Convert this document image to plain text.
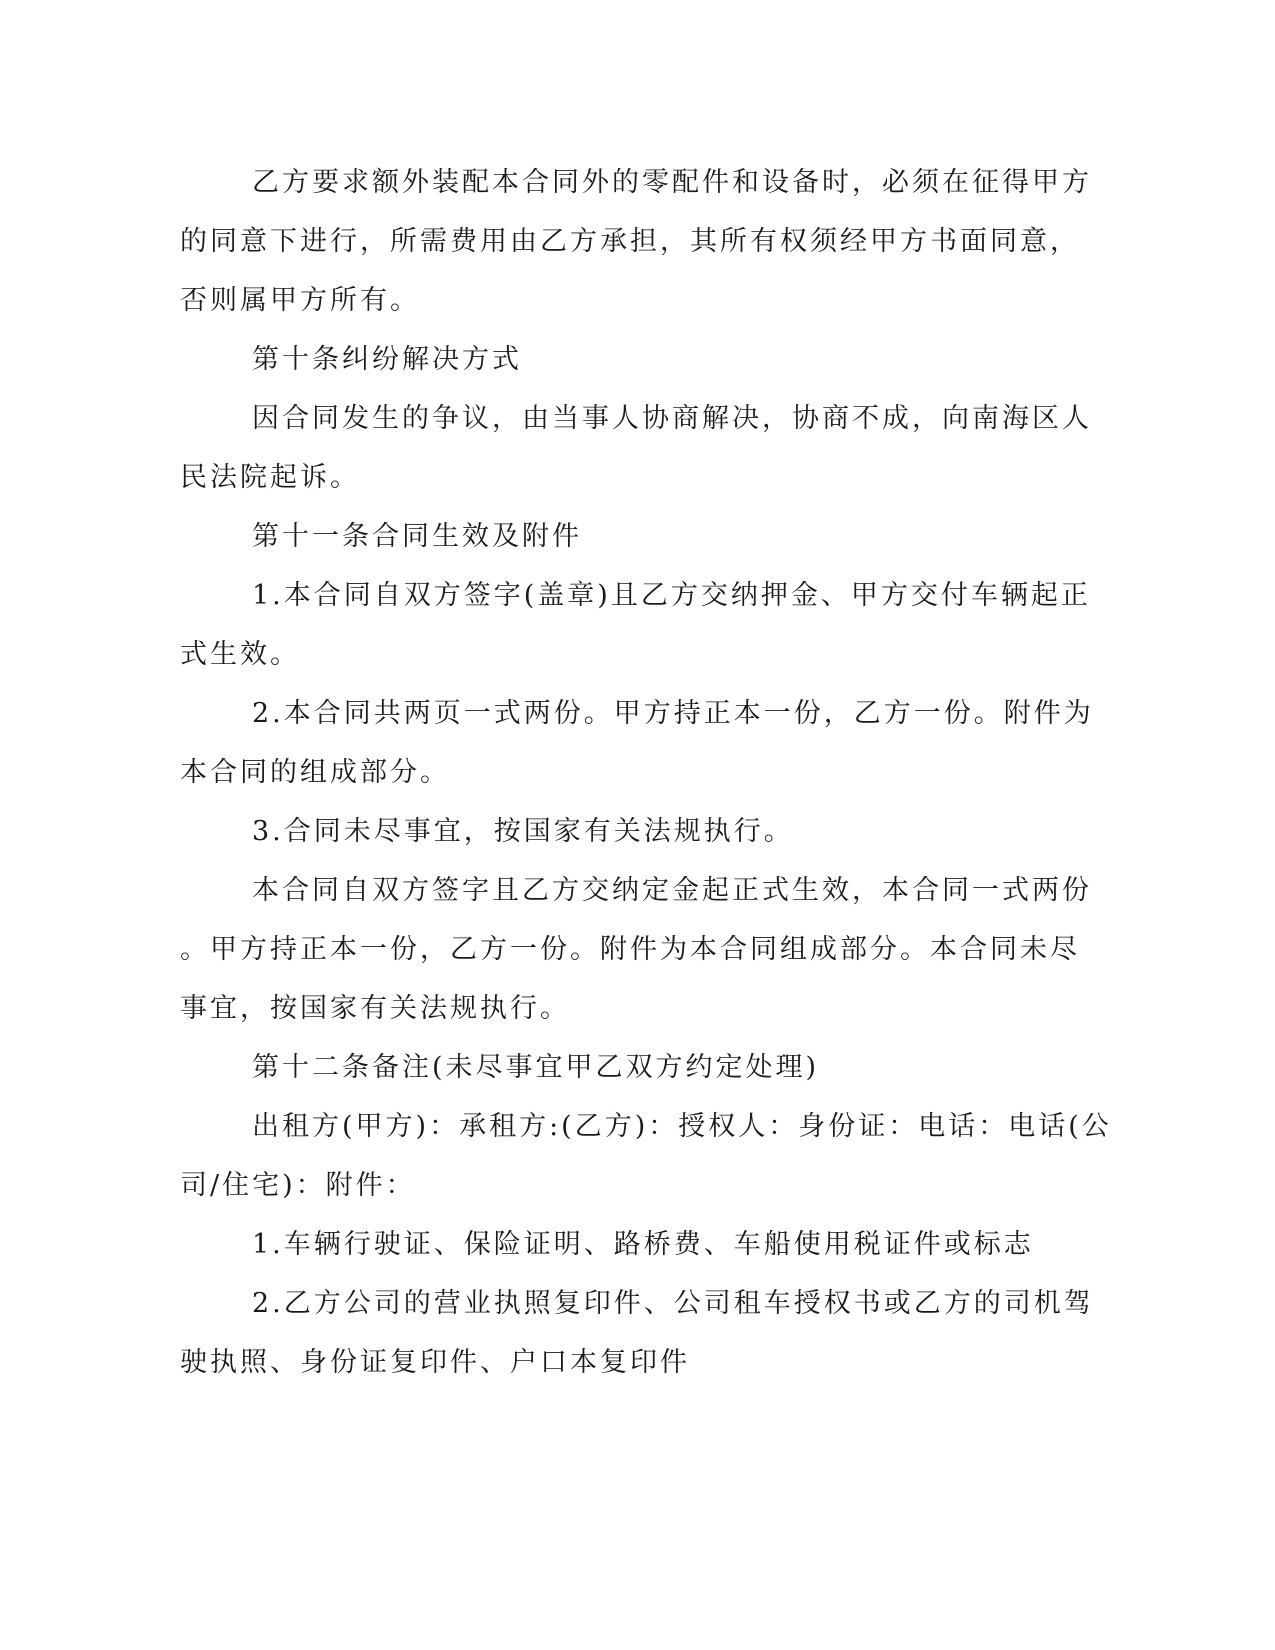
乙方要求额外装配本合同外的零配件和设备时，必须在征得甲方
的同意下进行，所需费用由乙方承担，其所有权须经甲方书面同意，
否则属甲方所有。
第十条纠纷解决方式
因合同发生的争议，由当事人协商解决，协商不成，向南海区人
民法院起诉。
第十一条合同生效及附件
1.本合同自双方签字(盖章)且乙方交纳押金、甲方交付车辆起正
式生效。
2.本合同共两页一式两份。甲方持正本一份，乙方一份。附件为
本合同的组成部分。
3.合同未尽事宜，按国家有关法规执行。
本合同自双方签字且乙方交纳定金起正式生效，本合同一式两份
。甲方持正本一份，乙方一份。附件为本合同组成部分。本合同未尽
事宜，按国家有关法规执行。
第十二条备注(未尽事宜甲乙双方约定处理)
出租方(甲方)：承租方:(乙方)：授权人：身份证：电话：电话(公
司/住宅)：附件：
1.车辆行驶证、保险证明、路桥费、车船使用税证件或标志
2.乙方公司的营业执照复印件、公司租车授权书或乙方的司机驾
驶执照、身份证复印件、户口本复印件
